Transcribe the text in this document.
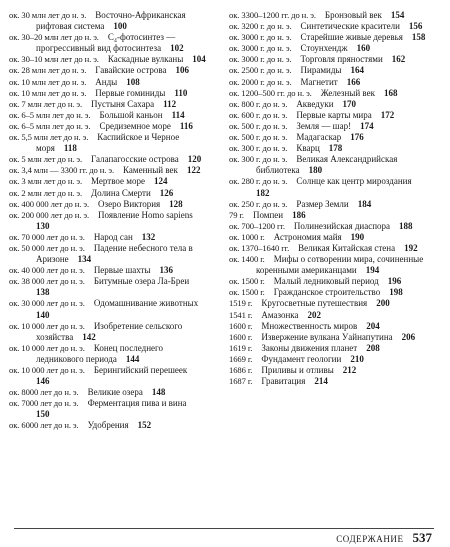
ок. 30 млн лет до н. э.  Восточно-Африканская рифтовая система  100

ок. 30–20 млн лет до н. э.  C₄-фотосинтез — прогрессивный вид фотосинтеза  102

ок. 30–10 млн лет до н. э.  Каскадные вулканы  104

ок. 28 млн лет до н. э.  Гавайские острова  106

ок. 10 млн лет до н. э.  Анды  108

ок. 10 млн лет до н. э.  Первые гоминиды  110

ок. 7 млн лет до н. э.  Пустыня Сахара  112

ок. 6–5 млн лет до н. э.  Большой каньон  114

ок. 6–5 млн лет до н. э.  Средиземное море  116

ок. 5,5 млн лет до н. э.  Каспийское и Черное моря  118

ок. 5 млн лет до н. э.  Галапагосские острова  120

ок. 3,4 млн — 3300 гг. до н. э.  Каменный век  122

ок. 3 млн лет до н. э.  Мертвое море  124

ок. 2 млн лет до н. э.  Долина Смерти  126

ок. 400 000 лет до н. э.  Озеро Виктория  128

ок. 200 000 лет до н. э.  Появление Homo sapiens 130

ок. 70 000 лет до н. э.  Народ сан  132

ок. 50 000 лет до н. э.  Падение небесного тела в Аризоне  134

ок. 40 000 лет до н. э.  Первые шахты  136

ок. 38 000 лет до н. э.  Битумные озера Ла-Бреи 138

ок. 30 000 лет до н. э.  Одомашнивание животных 140

ок. 10 000 лет до н. э.  Изобретение сельского хозяйства  142

ок. 10 000 лет до н. э.  Конец последнего ледникового периода  144

ок. 10 000 лет до н. э.  Берингийский перешеек 146

ок. 8000 лет до н. э.  Великие озера  148

ок. 7000 лет до н. э.  Ферментация пива и вина 150

ок. 6000 лет до н. э.  Удобрения  152

ок. 3300–1200 гг. до н. э.  Бронзовый век  154

ок. 3200 г. до н. э.  Синтетические красители  156

ок. 3000 г. до н. э.  Старейшие живые деревья  158

ок. 3000 г. до н. э.  Стоунхендж  160

ок. 3000 г. до н. э.  Торговля пряностями  162

ок. 2500 г. до н. э.  Пирамиды  164

ок. 2000 г. до н. э.  Магнетит  166

ок. 1200–500 гг. до н. э.  Железный век  168

ок. 800 г. до н. э.  Акведуки  170

ок. 600 г. до н. э.  Первые карты мира  172

ок. 500 г. до н. э.  Земля — шар!  174

ок. 500 г. до н. э.  Мадагаскар  176

ок. 300 г. до н. э.  Кварц  178

ок. 300 г. до н. э.  Великая Александрийская библиотека  180

ок. 280 г. до н. э.  Солнце как центр мироздания 182

ок. 250 г. до н. э.  Размер Земли  184

79 г.  Помпеи  186

ок. 700–1200 гг.  Полинезийская диаспора  188

ок. 1000 г.  Астрономия майя  190

ок. 1370–1640 гг.  Великая Китайская стена  192

ок. 1400 г.  Мифы о сотворении мира, сочиненные коренными американцами  194

ок. 1500 г.  Малый ледниковый период  196

ок. 1500 г.  Гражданское строительство  198

1519 г.  Кругосветные путешествия  200

1541 г.  Амазонка  202

1600 г.  Множественность миров  204

1600 г.  Извержение вулкана Уайнапутина  206

1619 г.  Законы движения планет  208

1669 г.  Фундамент геологии  210

1686 г.  Приливы и отливы  212

1687 г.  Гравитация  214

СОДЕРЖАНИЕ 537
